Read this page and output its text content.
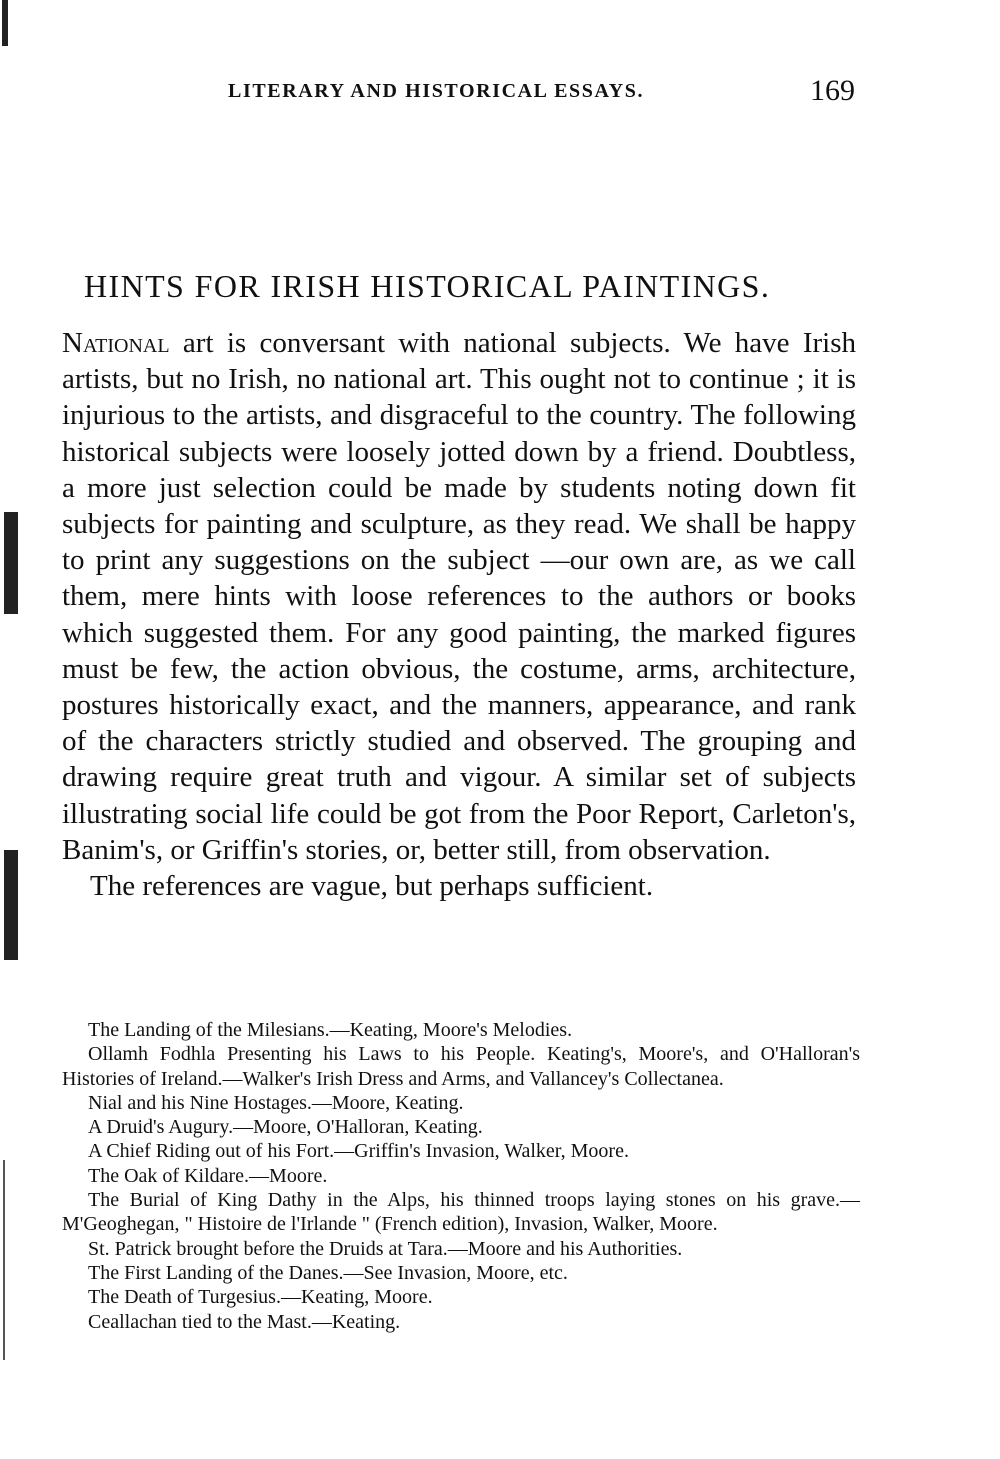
LITERARY AND HISTORICAL ESSAYS.	169
HINTS FOR IRISH HISTORICAL PAINTINGS.

National art is conversant with national subjects. We have Irish artists, but no Irish, no national art. This ought not to continue ; it is injurious to the artists, and disgraceful to the country. The following historical subjects were loosely jotted down by a friend. Doubtless, a more just selection could be made by students noting down fit subjects for painting and sculpture, as they read. We shall be happy to print any suggestions on the subject —our own are, as we call them, mere hints with loose references to the authors or books which suggested them. For any good painting, the marked figures must be few, the action obvious, the costume, arms, architecture, postures historically exact, and the manners, appearance, and rank of the characters strictly studied and observed. The grouping and drawing require great truth and vigour. A similar set of subjects illustrating social life could be got from the Poor Report, Carleton's, Banim's, or Griffin's stories, or, better still, from observation.

The references are vague, but perhaps sufficient.

The Landing of the Milesians.—Keating, Moore's Melodies.

Ollamh Fodhla Presenting his Laws to his People. Keating's, Moore's, and O'Halloran's Histories of Ireland.—Walker's Irish Dress and Arms, and Vallancey's Collectanea.

Nial and his Nine Hostages.—Moore, Keating.

A Druid's Augury.—Moore, O'Halloran, Keating.

A Chief Riding out of his Fort.—Griffin's Invasion, Walker, Moore.

The Oak of Kildare.—Moore.

The Burial of King Dathy in the Alps, his thinned troops laying stones on his grave.—M'Geoghegan, " Histoire de l'Irlande " (French edition), Invasion, Walker, Moore.

St. Patrick brought before the Druids at Tara.—Moore and his Authorities.

The First Landing of the Danes.—See Invasion, Moore, etc.

The Death of Turgesius.—Keating, Moore.

Ceallachan tied to the Mast.—Keating.
